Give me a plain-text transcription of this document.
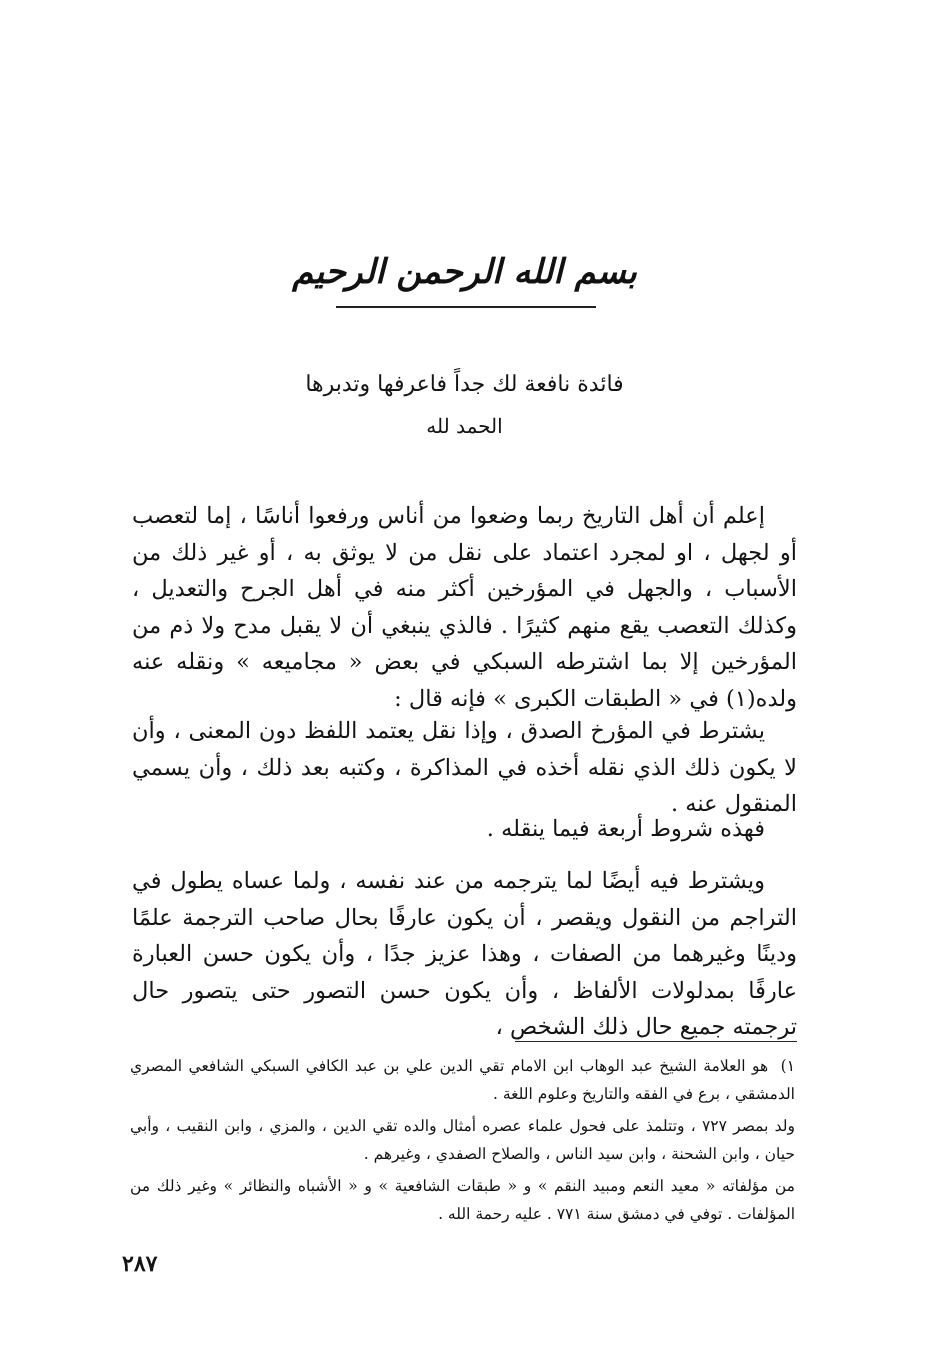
بسم الله الرحمن الرحيم
فائدة نافعة لك جداً فاعرفها وتدبرها
الحمد لله

إعلم أن أهل التاريخ ربما وضعوا من أناس ورفعوا أناسًا ، إما لتعصب أو لجهل ، او لمجرد اعتماد على نقل من لا يوثق به ، أو غير ذلك من الأسباب ، والجهل في المؤرخين أكثر منه في أهل الجرح والتعديل ، وكذلك التعصب يقع منهم كثيرًا . فالذي ينبغي أن لا يقبل مدح ولا ذم من المؤرخين إلا بما اشترطه السبكي في بعض « مجاميعه » ونقله عنه ولده(١) في « الطبقات الكبرى » فإنه قال :

يشترط في المؤرخ الصدق ، وإذا نقل يعتمد اللفظ دون المعنى ، وأن لا يكون ذلك الذي نقله أخذه في المذاكرة ، وكتبه بعد ذلك ، وأن يسمي المنقول عنه .

فهذه شروط أربعة فيما ينقله .

ويشترط فيه أيضًا لما يترجمه من عند نفسه ، ولما عساه يطول في التراجم من النقول ويقصر ، أن يكون عارفًا بحال صاحب الترجمة علمًا ودينًا وغيرهما من الصفات ، وهذا عزيز جدًا ، وأن يكون حسن العبارة عارفًا بمدلولات الألفاظ ، وأن يكون حسن التصور حتى يتصور حال ترجمته جميع حال ذلك الشخص ،

١) هو العلامة الشيخ عبد الوهاب ابن الامام تقي الدين علي بن عبد الكافي السبكي الشافعي المصري الدمشقي ، برع في الفقه والتاريخ وعلوم اللغة .

ولد بمصر ٧٢٧ ، وتتلمذ على فحول علماء عصره أمثال والده تقي الدين ، والمزي ، وابن النقيب ، وأبي حيان ، وابن الشحنة ، وابن سيد الناس ، والصلاح الصفدي ، وغيرهم .

من مؤلفاته « معيد النعم ومبيد النقم » و « طبقات الشافعية » و « الأشباه والنظائر » وغير ذلك من المؤلفات . توفي في دمشق سنة ٧٧١ . عليه رحمة الله .

٢٨٧
